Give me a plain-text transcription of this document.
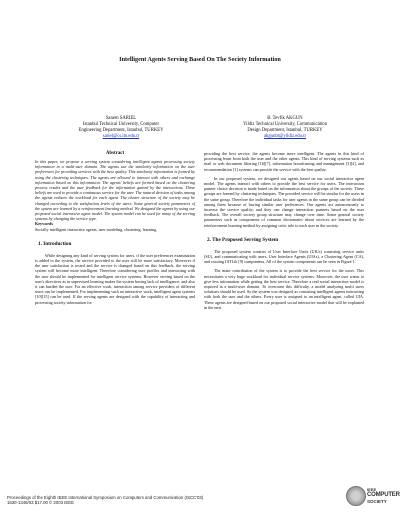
Intelligent Agents Serving Based On The Society Information
Sanem SARIEL
Istanbul Technical University, Computer
Engineering Department, Istanbul, TURKEY
sariel@cs.itu.edu.tr
B. Tevfik AKGUN
Yildiz Technical University, Communication
Design Department, Istanbul, TURKEY
akgunbt@yildiz.edu.tr
Abstract

In this paper, we propose a serving system considering intelligent agents processing society information in a multi-user domain. The agents use the similarity information on the user preferences for providing services with the best quality. This similarity information is formed by using the clustering techniques. The agents are allowed to interact with others and exchange information based on this information. The agents' beliefs are formed based on the clustering process results and the user feedback for the information gained by the interactions. These beliefs are used to provide a continuous service for the user. The natural division of tasks among the agents reduces the workload for each agent. The cluster structure of the society may be changed according to the satisfaction levels of the users. Some general society parameters of the system are learned by a reinforcement learning method. We designed the agents by using our proposed social interactive agent model. The system model can be used for many of the serving systems by changing the service type.

Keywords

Socially intelligent interactive agents, user modeling, clustering, learning.

1. Introduction

While designing any kind of serving system for users, if the user preferences examination is added to the system, the service provided to the user will be more satisfactory. Moreover if the user satisfaction is tested and the service is changed based on this feedback, the serving system will become more intelligent. Therefore considering user profiles and interacting with the user should be implemented for intelligent service systems. However serving based on the user's directives as in supervised learning makes the system having lack of intelligence, and also it can burden the user. For an effective work, interaction among service providers of different users can be implemented. For implementing such an interactive work, intelligent agent systems [10][15] can be used. If the serving agents are designed with the capability of interacting and processing society information for

providing the best service, the agents become more intelligent. The agents in this kind of processing learn from both the user and the other agents. This kind of serving systems such as mail or web document filtering [16][7], information broadcasting and management [3][4], and recommendation [1] systems can provide the service with the best quality.

In our proposed system, we designed our agents based on our social interactive agent model. The agents interact with others to provide the best service for users. The interaction partner choice decision is made based on the information about the groups of the society. These groups are formed by clustering techniques. The provided service will be similar for the users in the same group. Therefore the individual tasks for user agents in the same group can be divided among them because of having similar user preferences. Our agents act autonomously to increase the service quality, and they can change interaction partners based on the user feedback. The overall society group structure may change over time. Some general society parameters such as components of common dictionaries about services are learned by the reinforcement learning method by assigning critic role to each user in the society.

2. The Proposed Serving System

The proposed system consists of User Interface Units (UIUs) consisting service units (SU), and communicating with users, User Interface Agents (UIAs), a Clustering Agent (CA), and existing IATLib [9] components. All of the system components can be seen in Figure 1.

The main contribution of the system is to provide the best service for the users. This necessitates a very huge workload for individual service systems. Moreover, the user wants to give less information while getting the best service. Therefore a real social interaction model is required in a multi-user domain. To overcome this difficulty, a model analyzing multi users solutions should be used. So the system was designed as consisting intelligent agents interacting with both the user and the others. Every user is assigned to an intelligent agent, called UIA. These agents are designed based on our proposed social interactive model that will be explained in the next

Proceedings of the Eighth IEEE International Symposium on Computers and Communication (ISCC'03)
1530-1346/03 $17.00 © 2003 IEEE
IEEE
COMPUTER
SOCIETY
